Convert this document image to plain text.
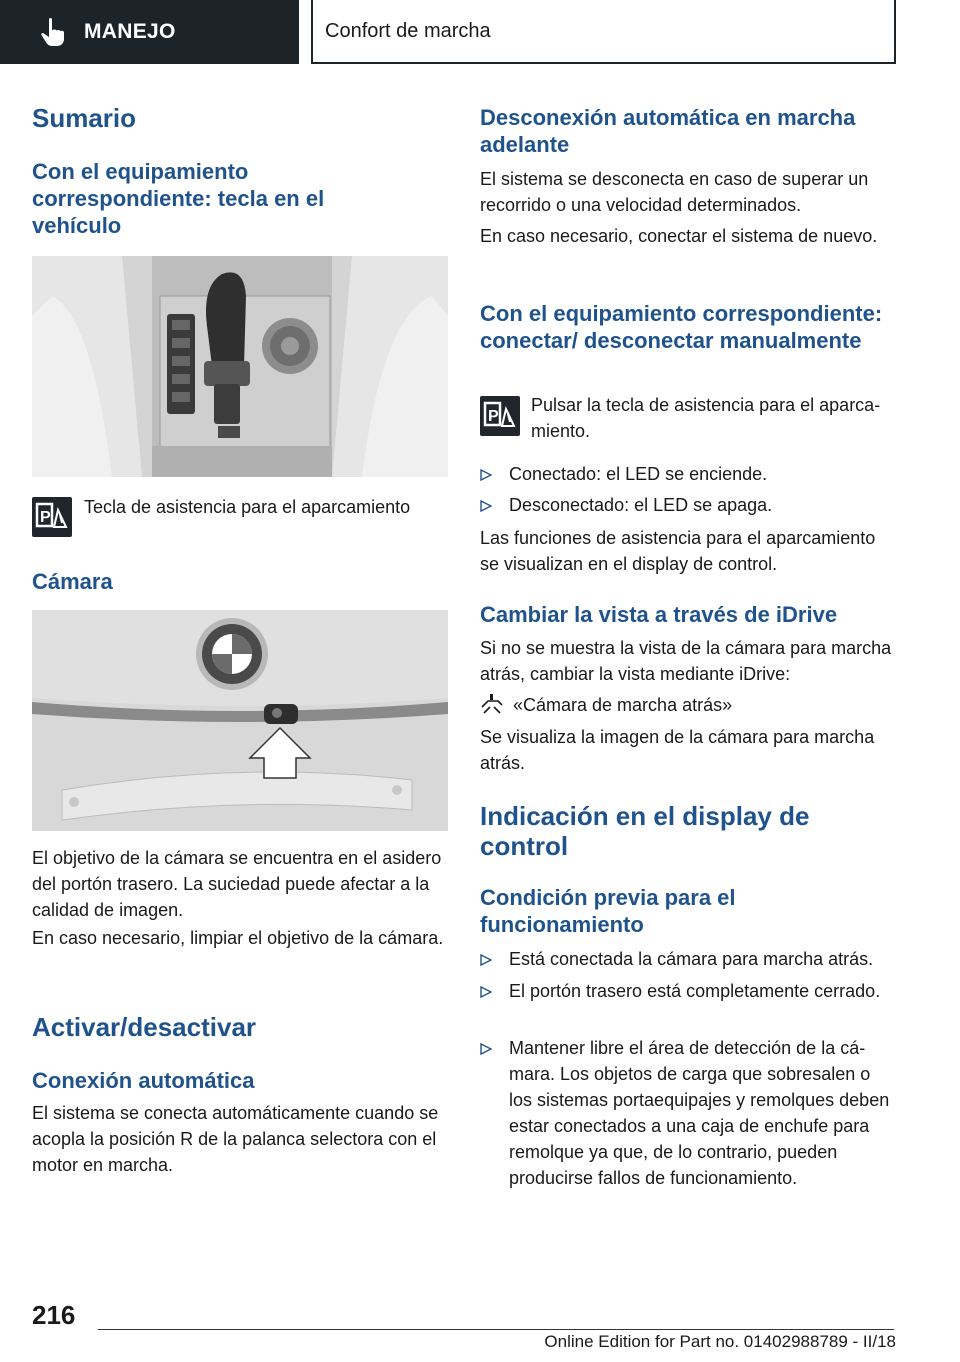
MANEJO	Confort de marcha
Sumario
Con el equipamiento correspondiente: tecla en el vehículo
P

Tecla de asistencia para el aparcamiento

Cámara

El objetivo de la cámara se encuentra en el asidero del portón trasero. La suciedad puede afectar a la calidad de imagen.

En caso necesario, limpiar el objetivo de la cámara.

Activar/desactivar
Conexión automática

El sistema se conecta automáticamente cuando se acopla la posición R de la palanca selectora con el motor en marcha.

Desconexión automática en marcha adelante

El sistema se desconecta en caso de superar un recorrido o una velocidad determinados.

En caso necesario, conectar el sistema de nuevo.

Con el equipamiento correspondiente: conectar/ desconectar manualmente
P

Pulsar la tecla de asistencia para el aparcamiento.

Conectado: el LED se enciende.
Desconectado: el LED se apaga.

Las funciones de asistencia para el aparcamiento se visualizan en el display de control.

Cambiar la vista a través de iDrive

Si no se muestra la vista de la cámara para marcha atrás, cambiar la vista mediante iDrive:

«Cámara de marcha atrás»

Se visualiza la imagen de la cámara para marcha atrás.

Indicación en el display de control
Condición previa para el funcionamiento
Está conectada la cámara para marcha atrás.
El portón trasero está completamente cerrado.
Mantener libre el área de detección de la cámara. Los objetos de carga que sobresalen o los sistemas portaequipajes y remolques deben estar conectados a una caja de enchufe para remolque ya que, de lo contrario, pueden producirse fallos de funcionamiento.
216
Online Edition for Part no. 01402988789 - II/18
